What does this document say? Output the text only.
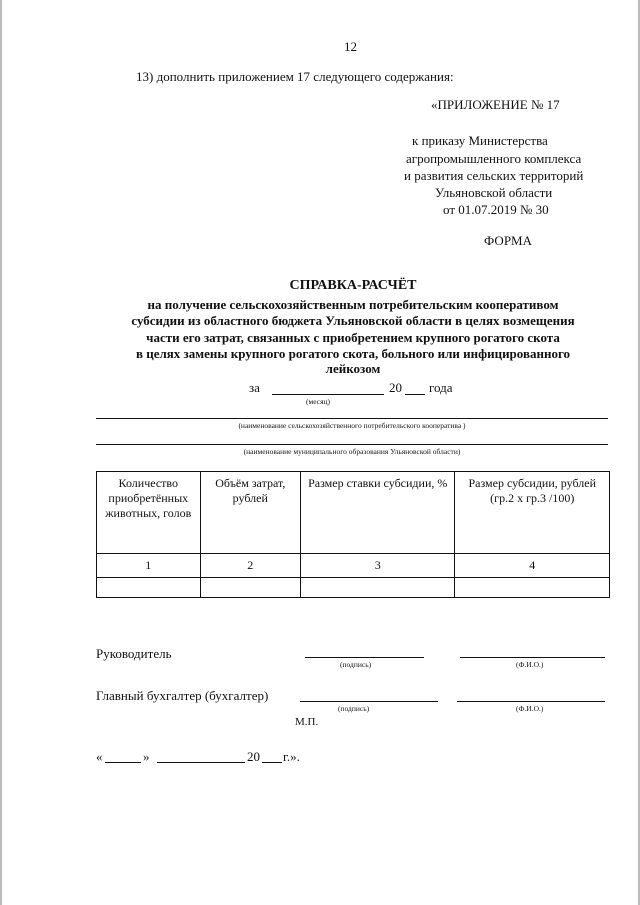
12
13) дополнить приложением 17 следующего содержания:
«ПРИЛОЖЕНИЕ № 17
к приказу Министерства
агропромышленного комплекса
и развития сельских территорий
Ульяновской области
от 01.07.2019 № 30
ФОРМА
СПРАВКА-РАСЧЁТ
на получение сельскохозяйственным потребительским кооперативом
субсидии из областного бюджета Ульяновской области в целях возмещения
части его затрат, связанных с приобретением крупного рогатого скота
в целях замены крупного рогатого скота, больного или инфицированного
лейкозом
за	20 года
(месяц)
(наименование сельскохозяйственного потребительского кооператива )
(наименование муниципального образования Ульяновской области)
Количество приобретённых животных, голов	Объём затрат, рублей	Размер ставки субсидии, %	Размер субсидии, рублей (гр.2 х гр.3 /100)
1	2	3	4

Руководитель
(подпись)	(Ф.И.О.)
Главный бухгалтер (бухгалтер)
(подпись)	(Ф.И.О.)
М.П.
«	»	20 г.».
